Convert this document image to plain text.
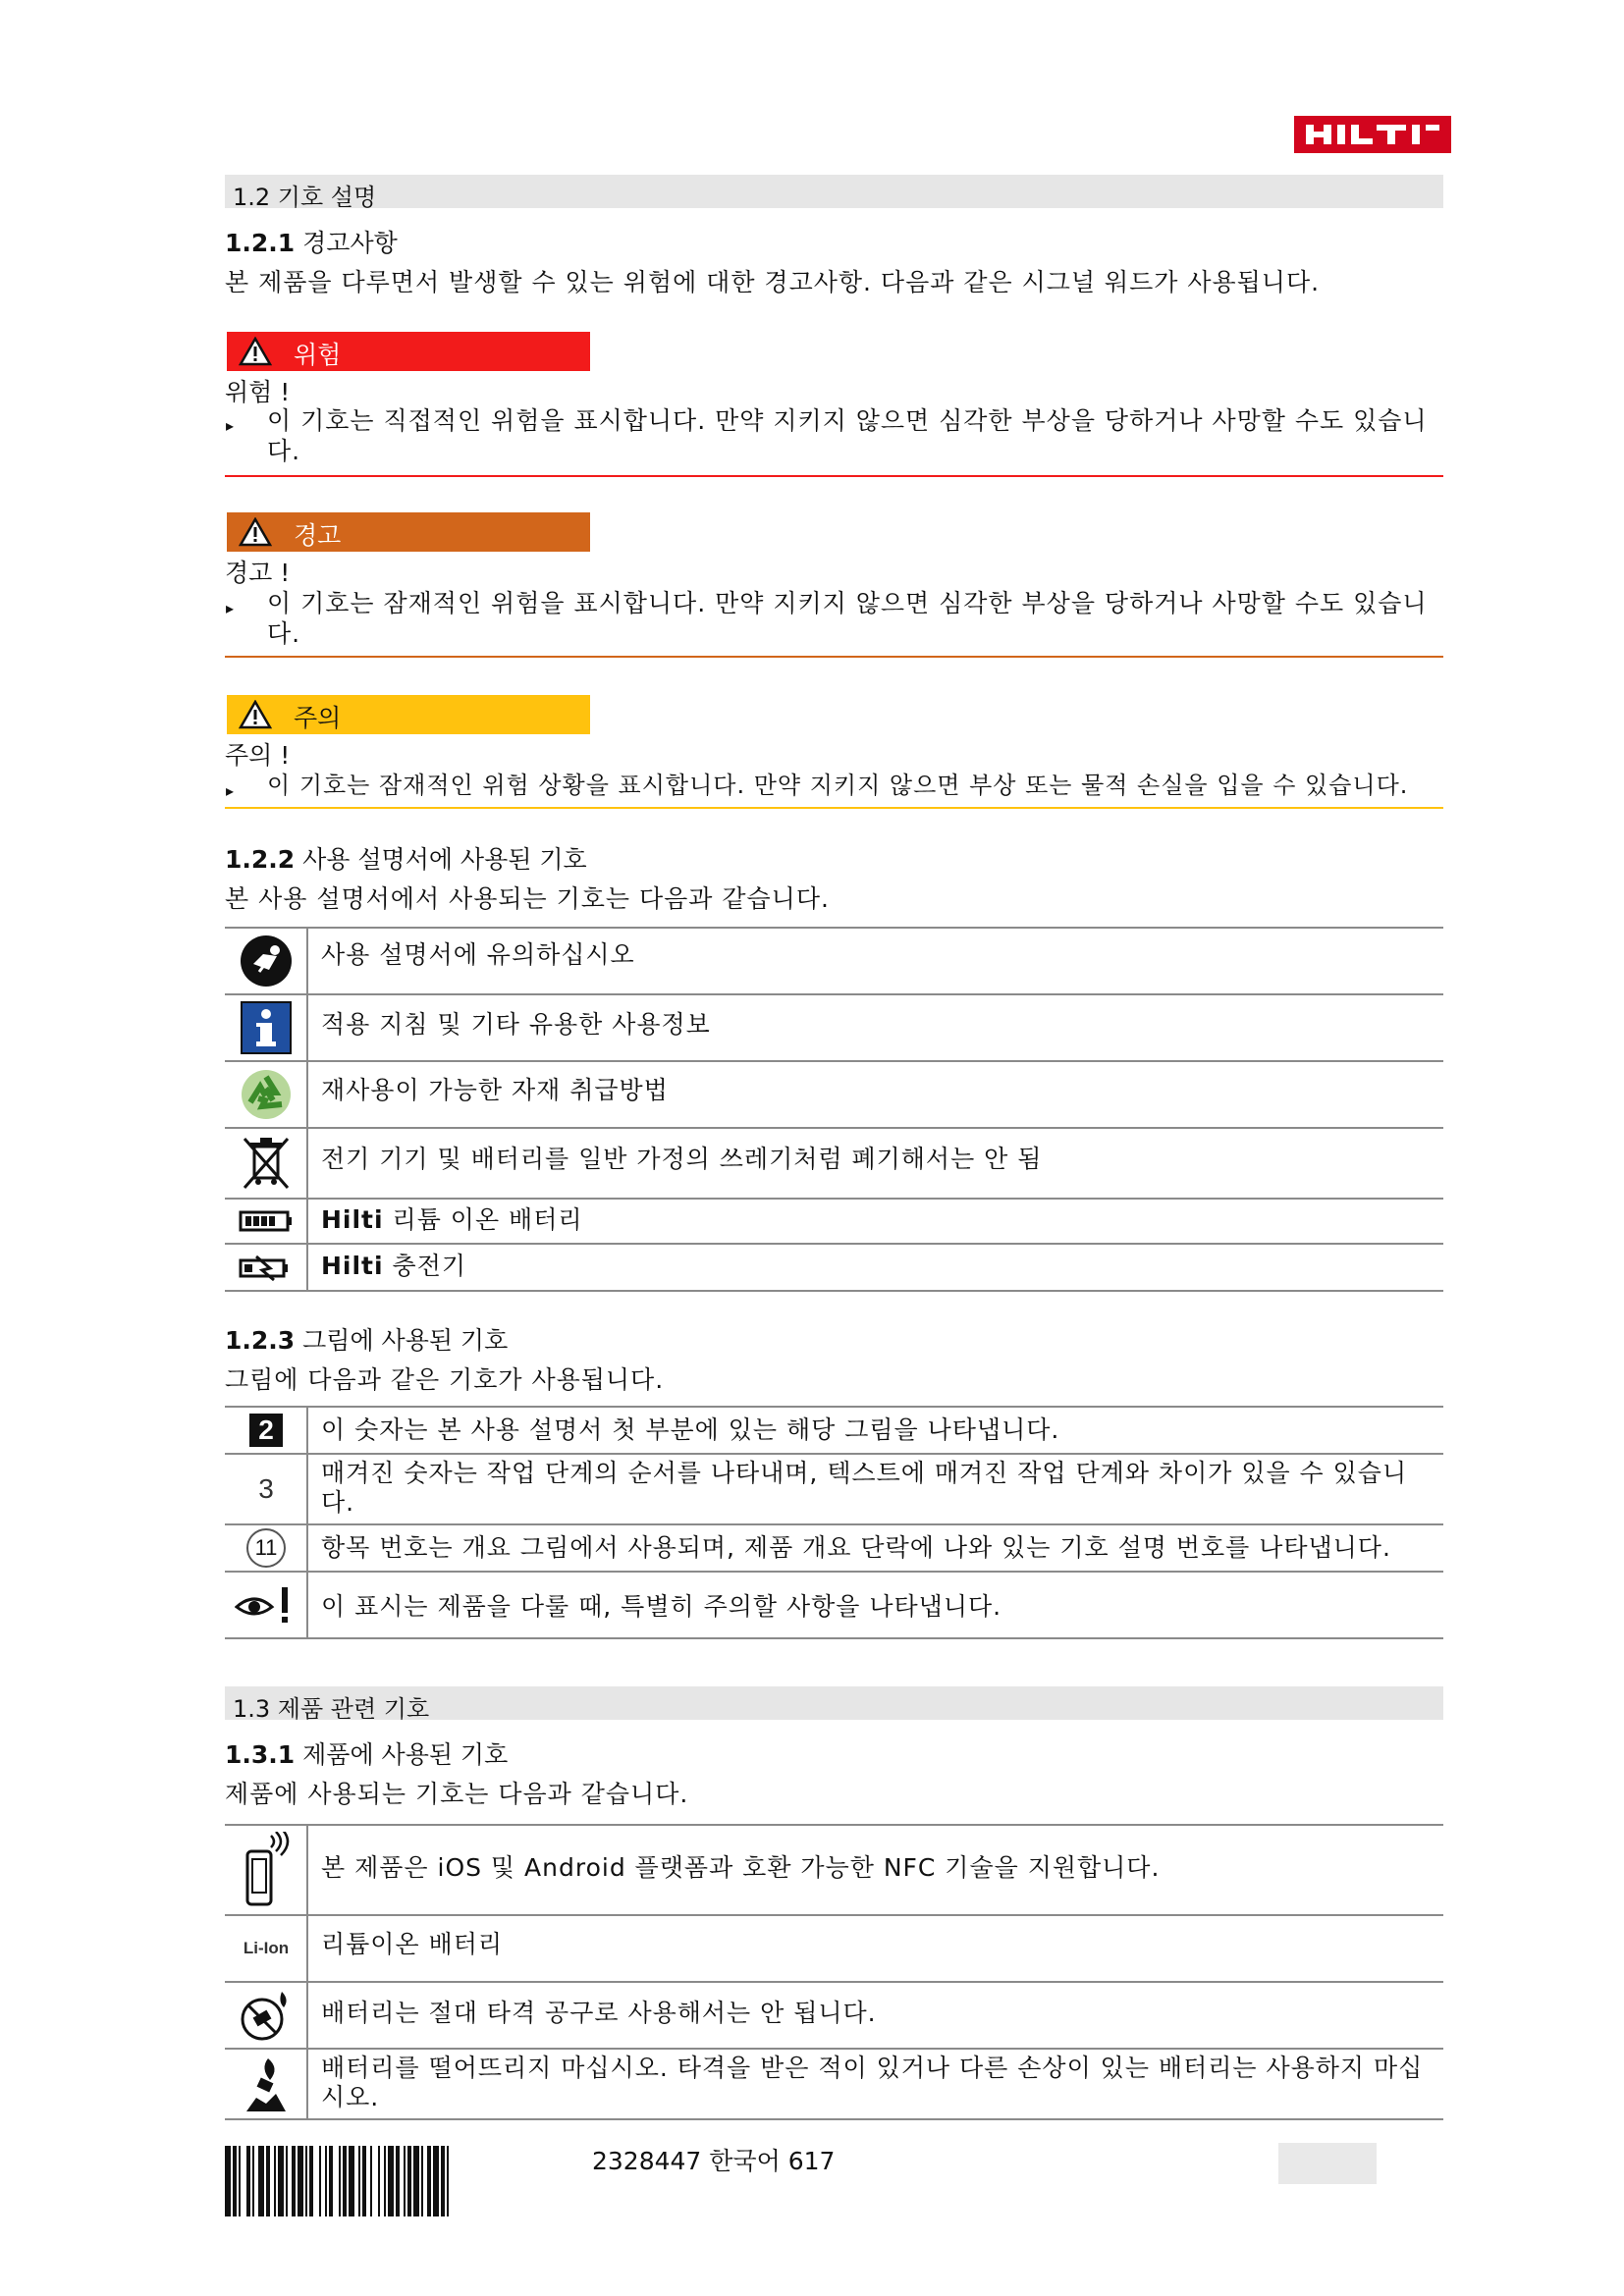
1.2 기호 설명
1.2.1 경고사항
본 제품을 다루면서 발생할 수 있는 위험에 대한 경고사항. 다음과 같은 시그널 워드가 사용됩니다.
위험
위험 !
▸ 이 기호는 직접적인 위험을 표시합니다. 만약 지키지 않으면 심각한 부상을 당하거나 사망할 수도 있습니
다.
경고
경고 !
▸ 이 기호는 잠재적인 위험을 표시합니다. 만약 지키지 않으면 심각한 부상을 당하거나 사망할 수도 있습니
다.
주의
주의 !
▸ 이 기호는 잠재적인 위험 상황을 표시합니다. 만약 지키지 않으면 부상 또는 물적 손실을 입을 수 있습니다.
1.2.2 사용 설명서에 사용된 기호
본 사용 설명서에서 사용되는 기호는 다음과 같습니다.
사용 설명서에 유의하십시오
적용 지침 및 기타 유용한 사용정보
재사용이 가능한 자재 취급방법
전기 기기 및 배터리를 일반 가정의 쓰레기처럼 폐기해서는 안 됨
Hilti 리튬 이온 배터리
Hilti 충전기
1.2.3 그림에 사용된 기호
그림에 다음과 같은 기호가 사용됩니다.
2	이 숫자는 본 사용 설명서 첫 부분에 있는 해당 그림을 나타냅니다.
3
매겨진 숫자는 작업 단계의 순서를 나타내며, 텍스트에 매겨진 작업 단계와 차이가 있을 수 있습니
다.
11	항목 번호는 개요 그림에서 사용되며, 제품 개요 단락에 나와 있는 기호 설명 번호를 나타냅니다.
이 표시는 제품을 다룰 때, 특별히 주의할 사항을 나타냅니다.
1.3 제품 관련 기호
1.3.1 제품에 사용된 기호
제품에 사용되는 기호는 다음과 같습니다.
본 제품은 iOS 및 Android 플랫폼과 호환 가능한 NFC 기술을 지원합니다.
Li-Ion 리튬이온 배터리
배터리는 절대 타격 공구로 사용해서는 안 됩니다.
배터리를 떨어뜨리지 마십시오. 타격을 받은 적이 있거나 다른 손상이 있는 배터리는 사용하지 마십
시오.
2328447 한국어 617
